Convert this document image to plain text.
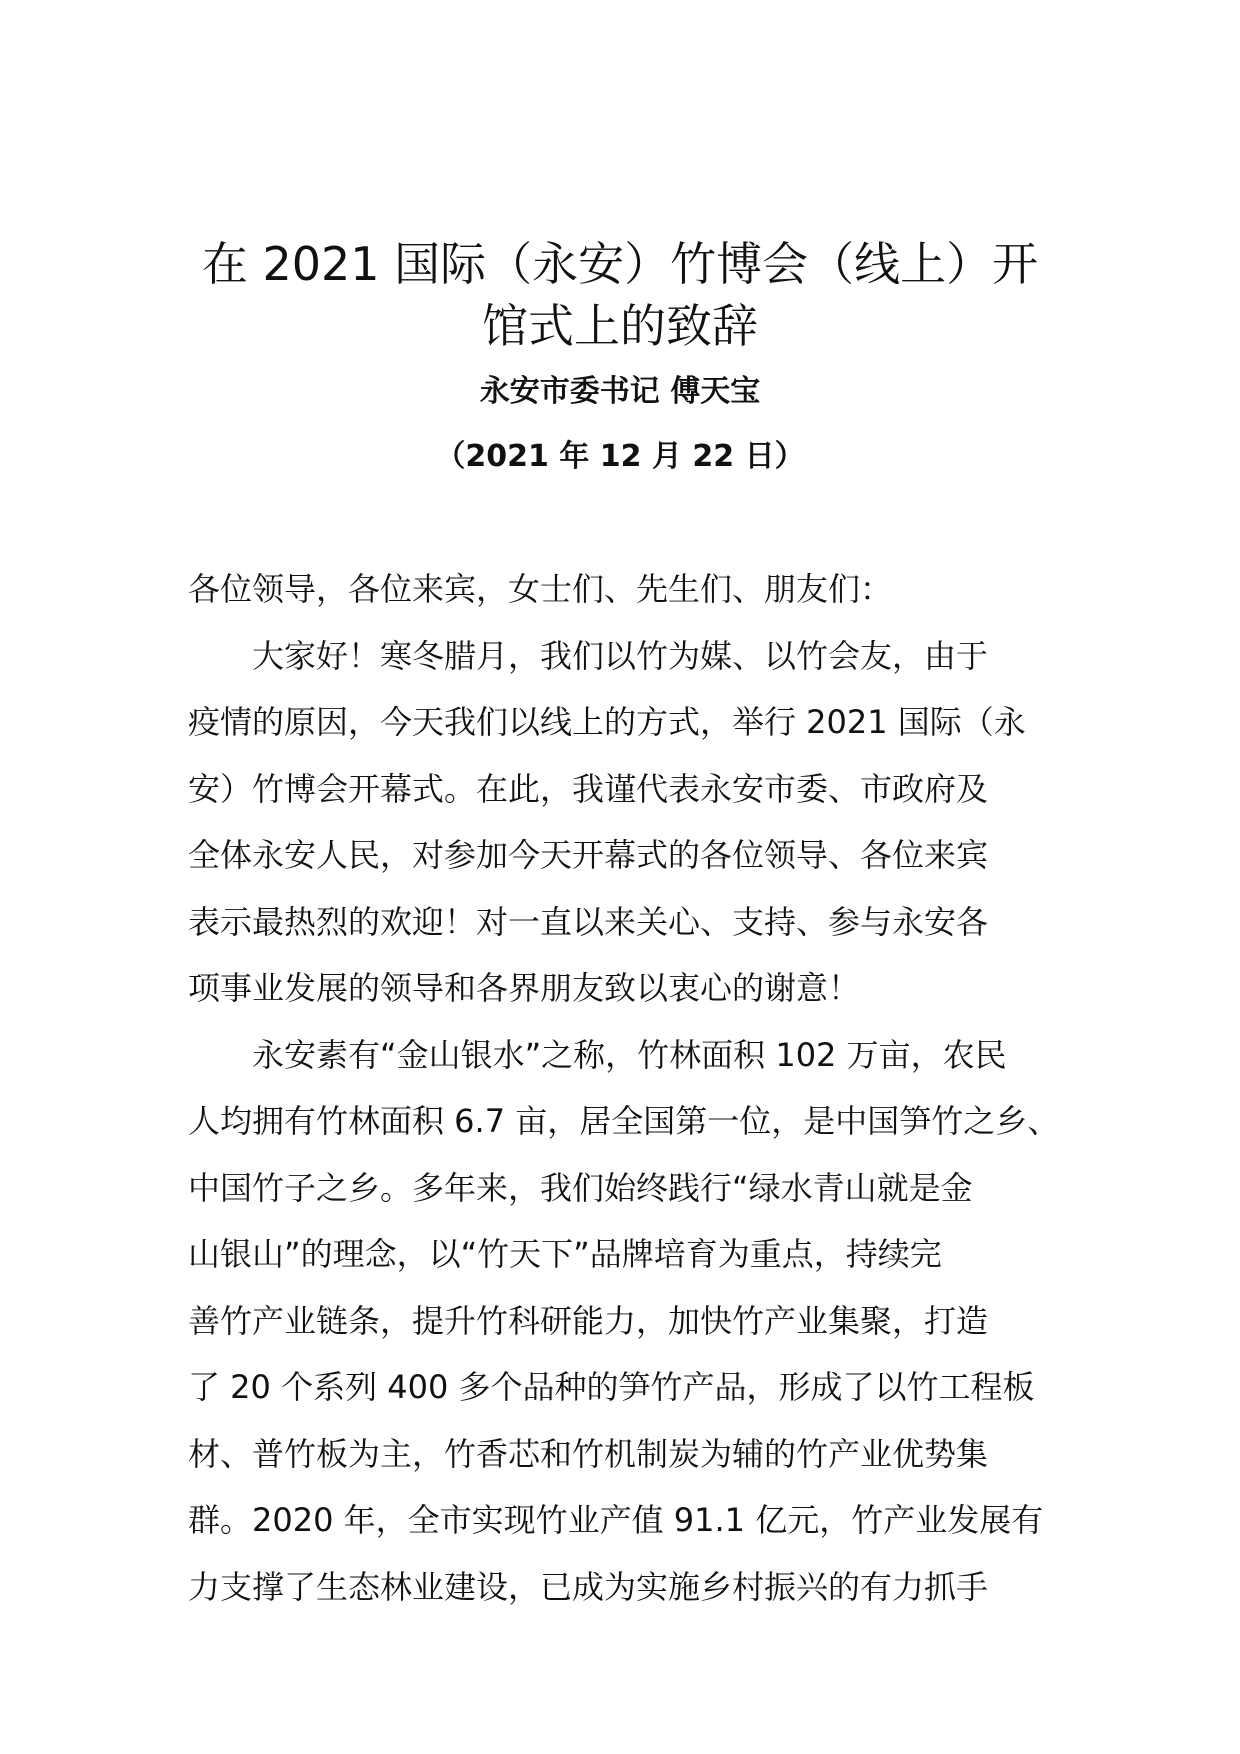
在 2021 国际（永安）竹博会（线上）开
馆式上的致辞
永安市委书记 傅天宝
（2021 年 12 月 22 日）
各位领导，各位来宾，女士们、先生们、朋友们：
大家好！寒冬腊月，我们以竹为媒、以竹会友，由于
疫情的原因，今天我们以线上的方式，举行 2021 国际（永
安）竹博会开幕式。在此，我谨代表永安市委、市政府及
全体永安人民，对参加今天开幕式的各位领导、各位来宾
表示最热烈的欢迎！对一直以来关心、支持、参与永安各
项事业发展的领导和各界朋友致以衷心的谢意！
永安素有“金山银水”之称，竹林面积 102 万亩，农民
人均拥有竹林面积 6.7 亩，居全国第一位，是中国笋竹之乡、
中国竹子之乡。多年来，我们始终践行“绿水青山就是金
山银山”的理念，以“竹天下”品牌培育为重点，持续完
善竹产业链条，提升竹科研能力，加快竹产业集聚，打造
了 20 个系列 400 多个品种的笋竹产品，形成了以竹工程板
材、普竹板为主，竹香芯和竹机制炭为辅的竹产业优势集
群。2020 年，全市实现竹业产值 91.1 亿元，竹产业发展有
力支撑了生态林业建设，已成为实施乡村振兴的有力抓手
